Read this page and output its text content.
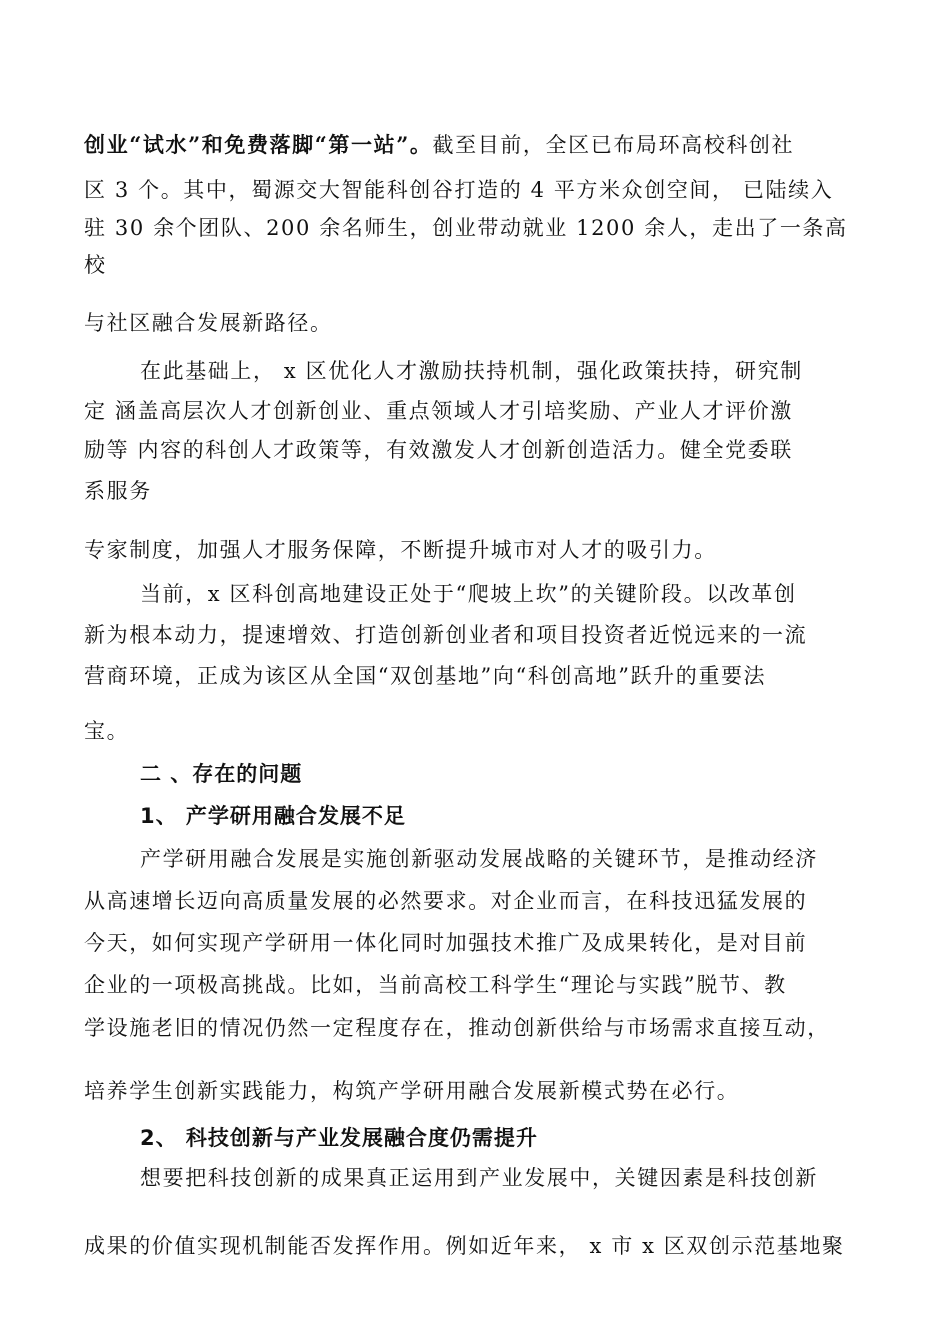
创业“试水”和免费落脚“第一站”。截至目前，全区已布局环高校科创社
区 3 个。其中，蜀源交大智能科创谷打造的 4 平方米众创空间， 已陆续入
驻 30 余个团队、200 余名师生，创业带动就业 1200 余人，走出了一条高
校
与社区融合发展新路径。
在此基础上， x 区优化人才激励扶持机制，强化政策扶持，研究制
定 涵盖高层次人才创新创业、重点领域人才引培奖励、产业人才评价激
励等 内容的科创人才政策等，有效激发人才创新创造活力。健全党委联
系服务
专家制度，加强人才服务保障，不断提升城市对人才的吸引力。
当前，x 区科创高地建设正处于“爬坡上坎”的关键阶段。以改革创
新为根本动力，提速增效、打造创新创业者和项目投资者近悦远来的一流
营商环境，正成为该区从全国“双创基地”向“科创高地”跃升的重要法
宝。
二 、存在的问题
1、 产学研用融合发展不足
产学研用融合发展是实施创新驱动发展战略的关键环节，是推动经济
从高速增长迈向高质量发展的必然要求。对企业而言，在科技迅猛发展的
今天，如何实现产学研用一体化同时加强技术推广及成果转化，是对目前
企业的一项极高挑战。比如，当前高校工科学生“理论与实践”脱节、教
学设施老旧的情况仍然一定程度存在，推动创新供给与市场需求直接互动，
培养学生创新实践能力，构筑产学研用融合发展新模式势在必行。
2、 科技创新与产业发展融合度仍需提升
想要把科技创新的成果真正运用到产业发展中，关键因素是科技创新
成果的价值实现机制能否发挥作用。例如近年来， x 市 x 区双创示范基地聚
